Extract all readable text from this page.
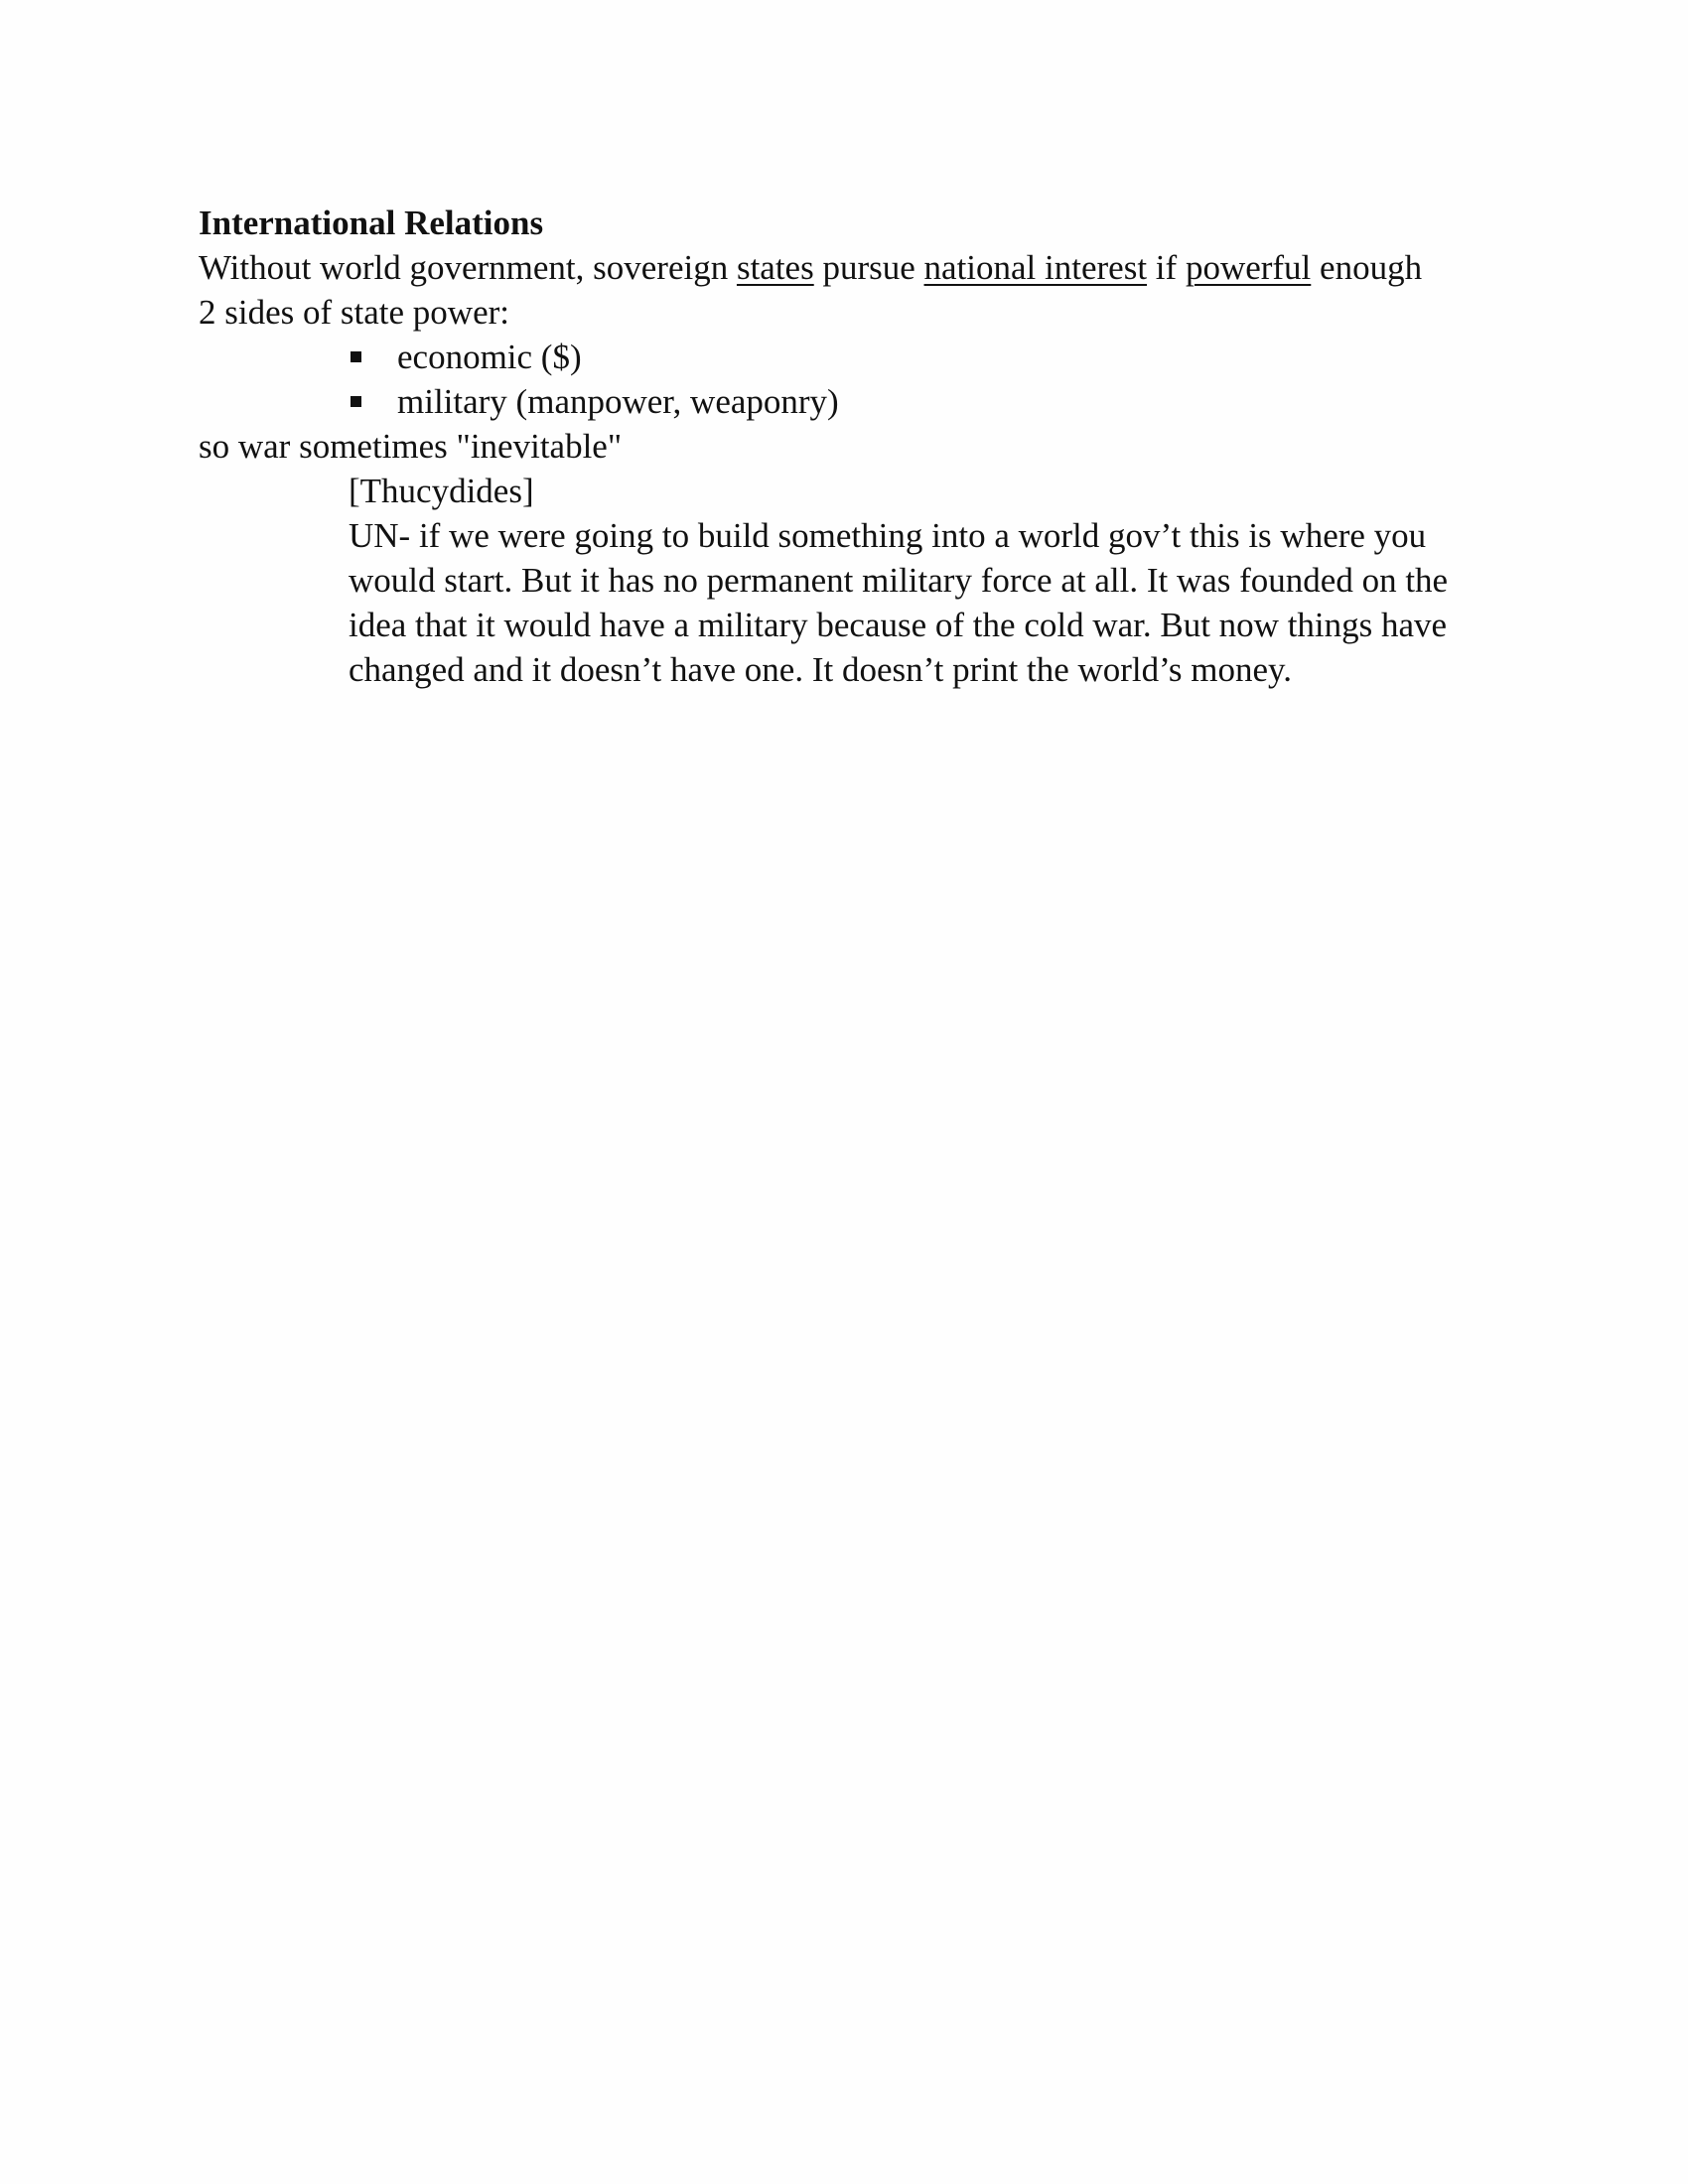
International Relations

Without world government, sovereign states pursue national interest if powerful enough

2 sides of state power:

economic ($)
military (manpower, weaponry)

so war sometimes "inevitable"

[Thucydides]

UN- if we were going to build something into a world gov’t this is where you would start. But it has no permanent military force at all. It was founded on the idea that it would have a military because of the cold war. But now things have changed and it doesn’t have one. It doesn’t print the world’s money.
